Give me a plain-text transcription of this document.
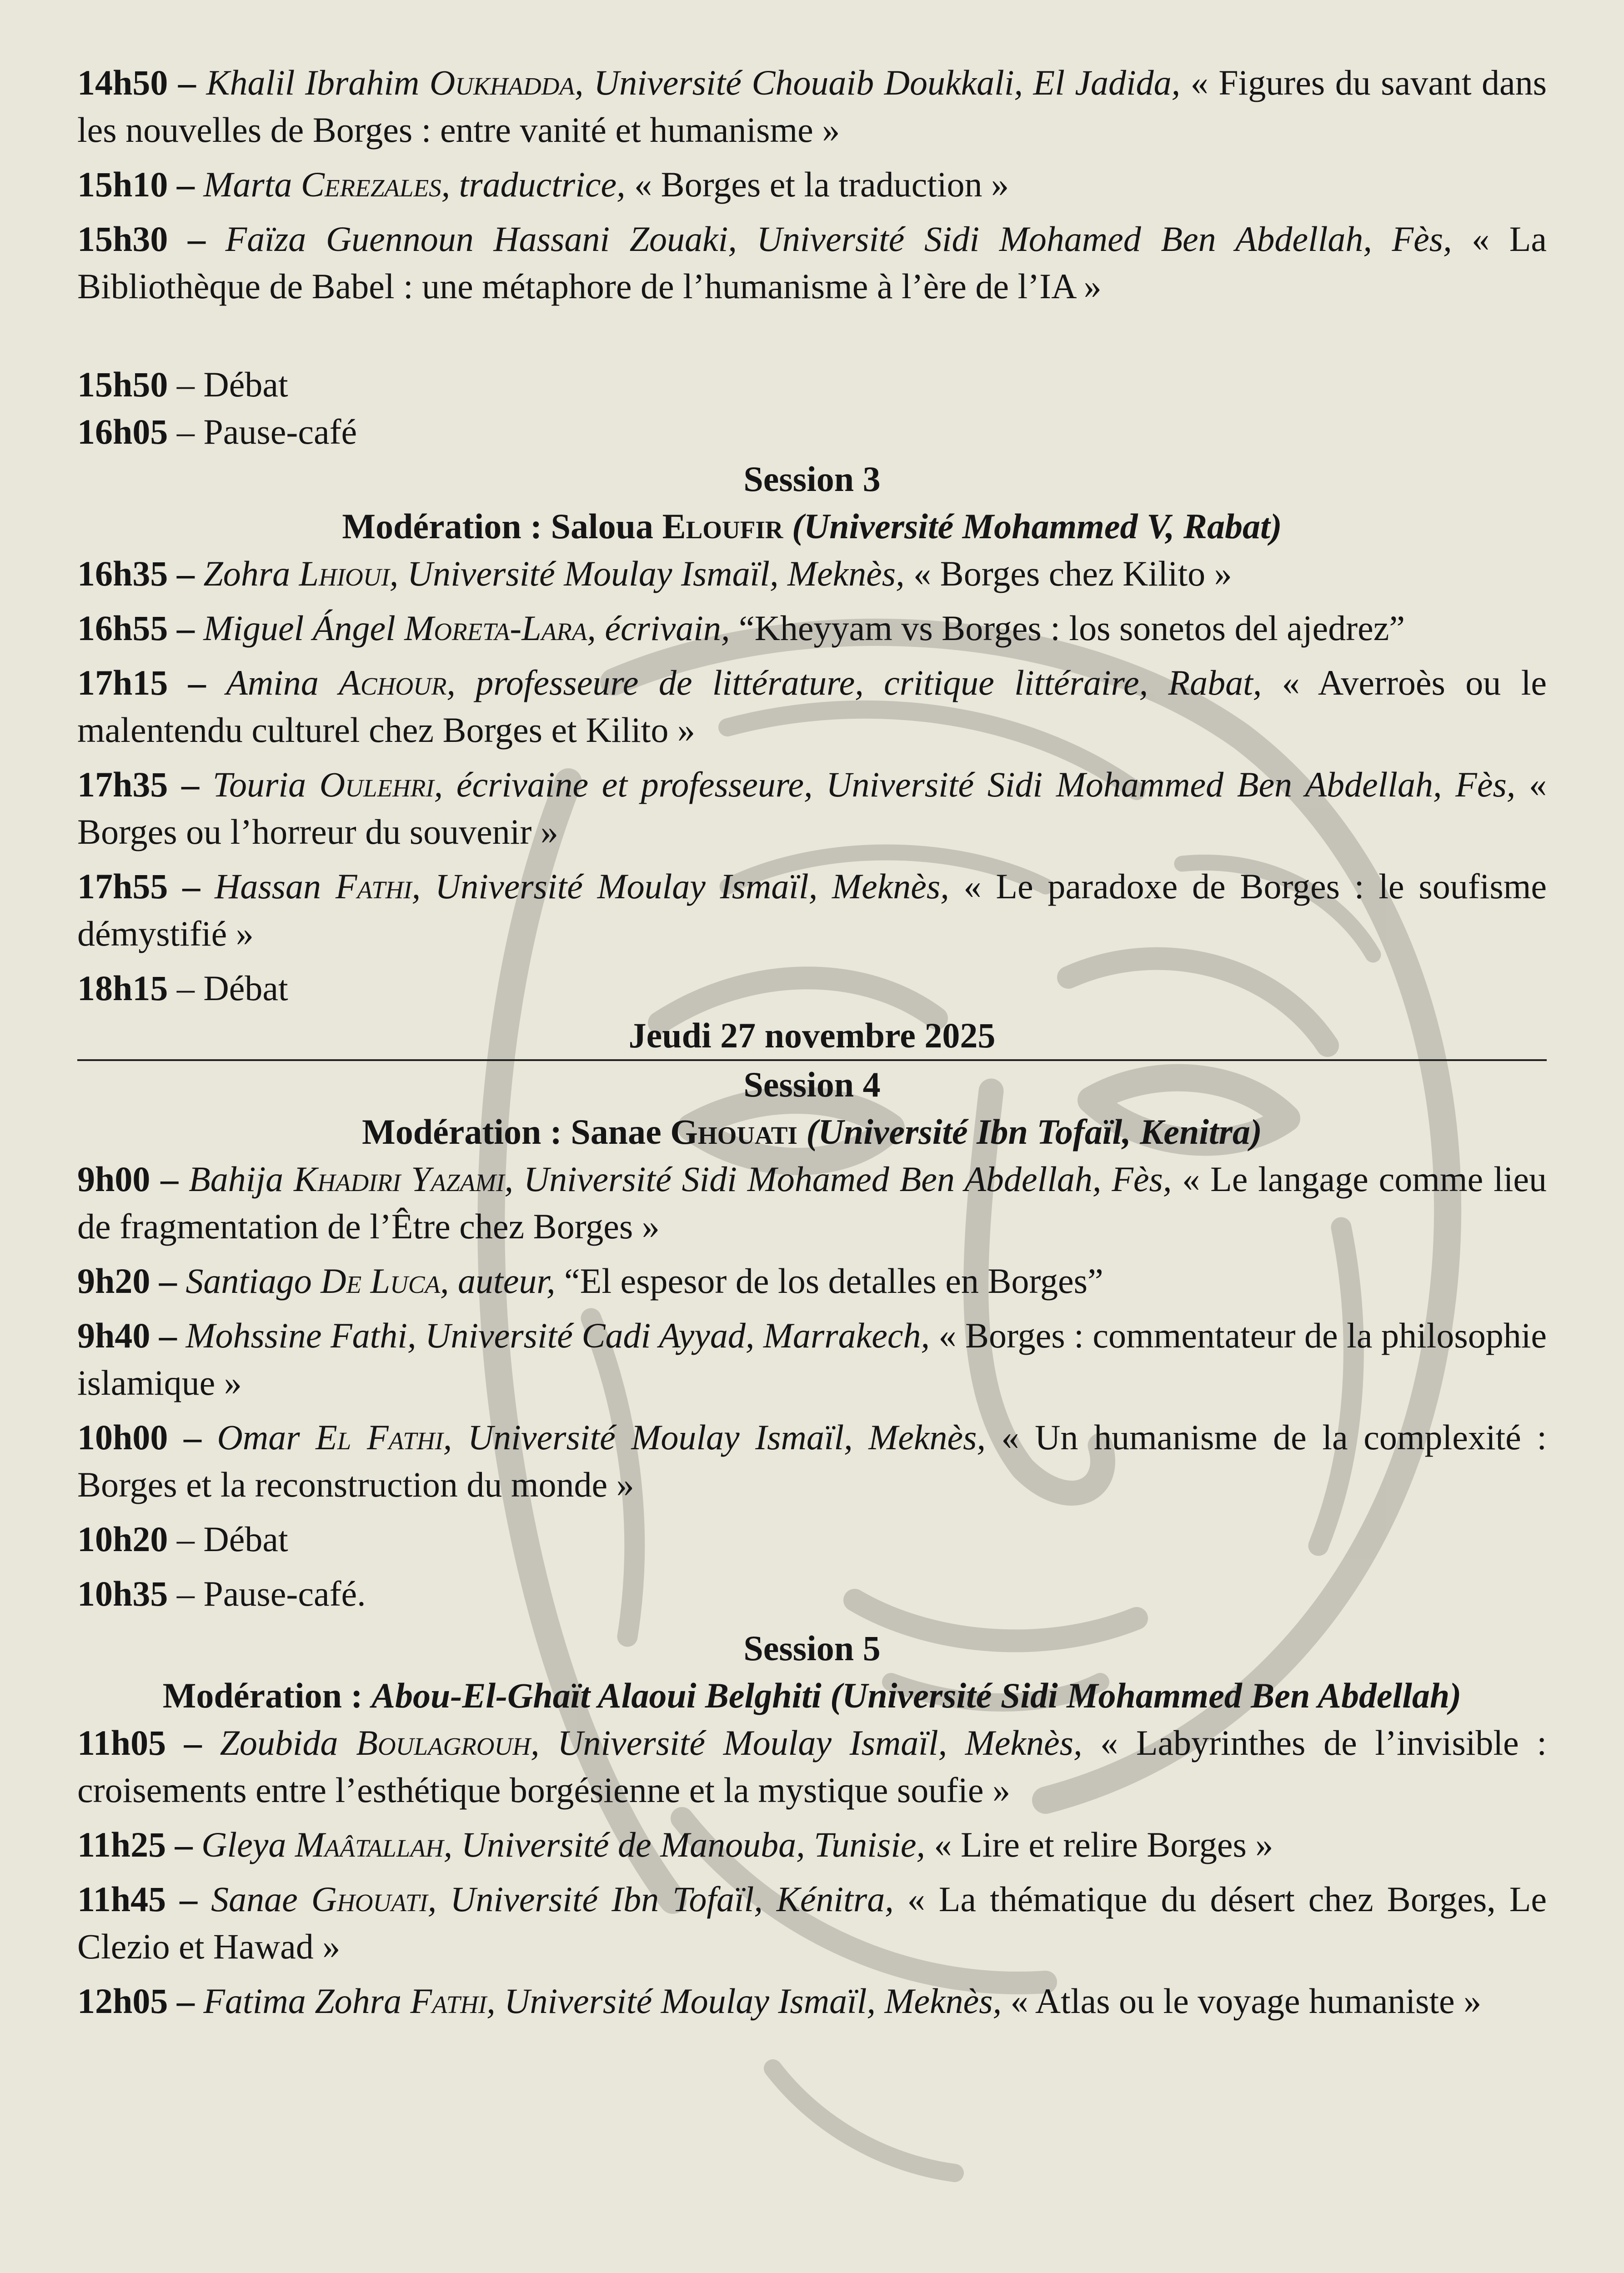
14h50 – Khalil Ibrahim Oukhadda, Université Chouaib Doukkali, El Jadida, « Figures du savant dans les nouvelles de Borges : entre vanité et humanisme »

15h10 – Marta Cerezales, traductrice, « Borges et la traduction »

15h30 – Faïza Guennoun Hassani Zouaki, Université Sidi Mohamed Ben Abdellah, Fès, « La Bibliothèque de Babel : une métaphore de l’humanisme à l’ère de l’IA »

15h50 – Débat

16h05 – Pause-café

Session 3

Modération : Saloua Eloufir (Université Mohammed V, Rabat)

16h35 – Zohra Lhioui, Université Moulay Ismaïl, Meknès, « Borges chez Kilito »

16h55 – Miguel Ángel Moreta-Lara, écrivain, “Kheyyam vs Borges : los sonetos del ajedrez”

17h15 – Amina Achour, professeure de littérature, critique littéraire, Rabat, « Averroès ou le malentendu culturel chez Borges et Kilito »

17h35 – Touria Oulehri, écrivaine et professeure, Université Sidi Mohammed Ben Abdellah, Fès, « Borges ou l’horreur du souvenir »

17h55 – Hassan Fathi, Université Moulay Ismaïl, Meknès, « Le paradoxe de Borges : le soufisme démystifié »

18h15 – Débat

Jeudi 27 novembre 2025

Session 4

Modération : Sanae Ghouati (Université Ibn Tofaïl, Kenitra)

9h00 – Bahija Khadiri Yazami, Université Sidi Mohamed Ben Abdellah, Fès, « Le langage comme lieu de fragmentation de l’Être chez Borges »

9h20 – Santiago De Luca, auteur, “El espesor de los detalles en Borges”

9h40 – Mohssine Fathi, Université Cadi Ayyad, Marrakech, « Borges : commentateur de la philosophie islamique »

10h00 – Omar El Fathi, Université Moulay Ismaïl, Meknès, « Un humanisme de la complexité : Borges et la reconstruction du monde »

10h20 – Débat

10h35 – Pause-café.

Session 5

Modération : Abou-El-Ghaït Alaoui Belghiti (Université Sidi Mohammed Ben Abdellah)

11h05 – Zoubida Boulagrouh, Université Moulay Ismaïl, Meknès, « Labyrinthes de l’invisible : croisements entre l’esthétique borgésienne et la mystique soufie »

11h25 – Gleya Maâtallah, Université de Manouba, Tunisie, « Lire et relire Borges »

11h45 – Sanae Ghouati, Université Ibn Tofaïl, Kénitra, « La thématique du désert chez Borges, Le Clezio et Hawad »

12h05 – Fatima Zohra Fathi, Université Moulay Ismaïl, Meknès, « Atlas ou le voyage humaniste »
